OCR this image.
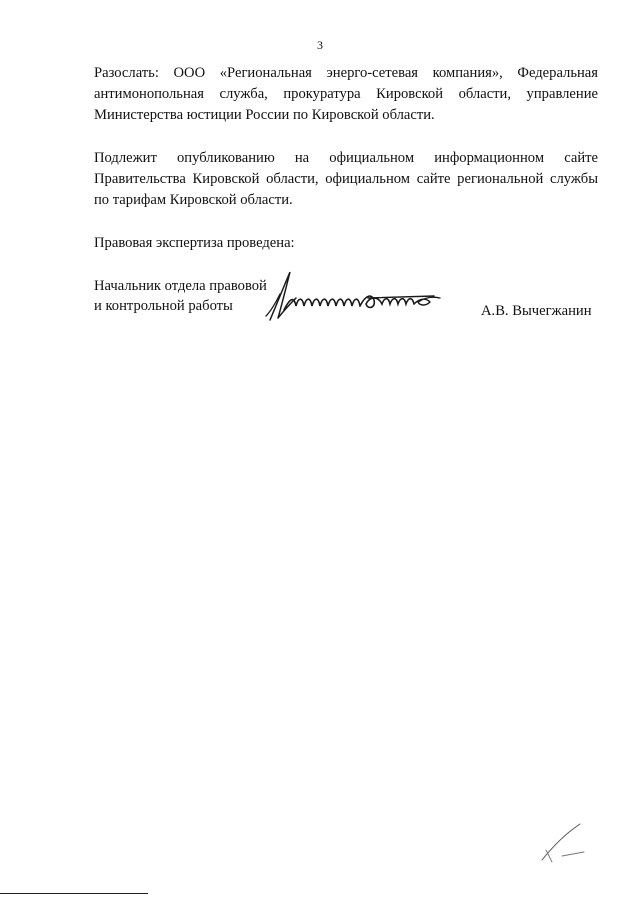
3
Разослать: ООО «Региональная энерго-сетевая компания», Федеральная
антимонопольная служба, прокуратура Кировской области, управление
Министерства юстиции России по Кировской области.
Подлежит опубликованию на официальном информационном сайте
Правительства Кировской области, официальном сайте региональной службы
по тарифам Кировской области.
Правовая экспертиза проведена:
Начальник отдела правовой
и контрольной работы	А.В. Вычегжанин
